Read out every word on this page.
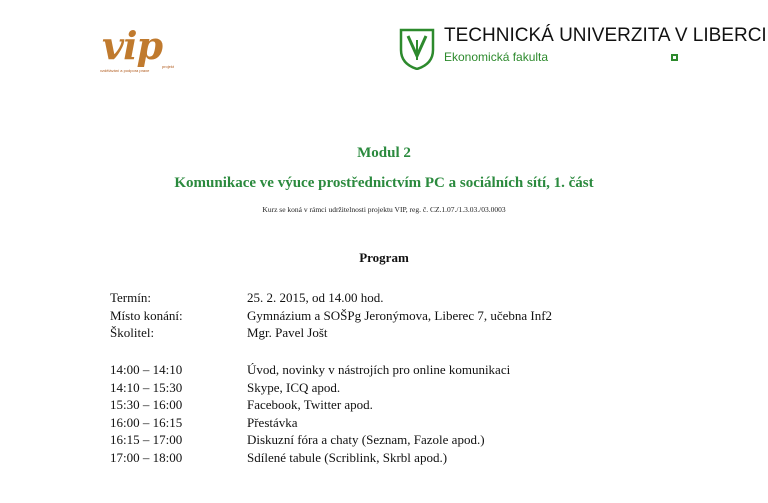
vip projekt
vzdělávání a podpora praxe
TECHNICKÁ UNIVERZITA V LIBERCI
Ekonomická fakulta
Modul 2
Komunikace ve výuce prostřednictvím PC a sociálních sítí, 1. část
Kurz se koná v rámci udržitelnosti projektu VIP, reg. č. CZ.1.07./1.3.03./03.0003
Program
Termín:	25. 2. 2015, od 14.00 hod.
Místo konání:	Gymnázium a SOŠPg Jeronýmova, Liberec 7, učebna Inf2
Školitel:	Mgr. Pavel Jošt
14:00 – 14:10	Úvod, novinky v nástrojích pro online komunikaci
14:10 – 15:30	Skype, ICQ apod.
15:30 – 16:00	Facebook, Twitter apod.
16:00 – 16:15	Přestávka
16:15 – 17:00	Diskuzní fóra a chaty (Seznam, Fazole apod.)
17:00 – 18:00	Sdílené tabule (Scriblink, Skrbl apod.)
